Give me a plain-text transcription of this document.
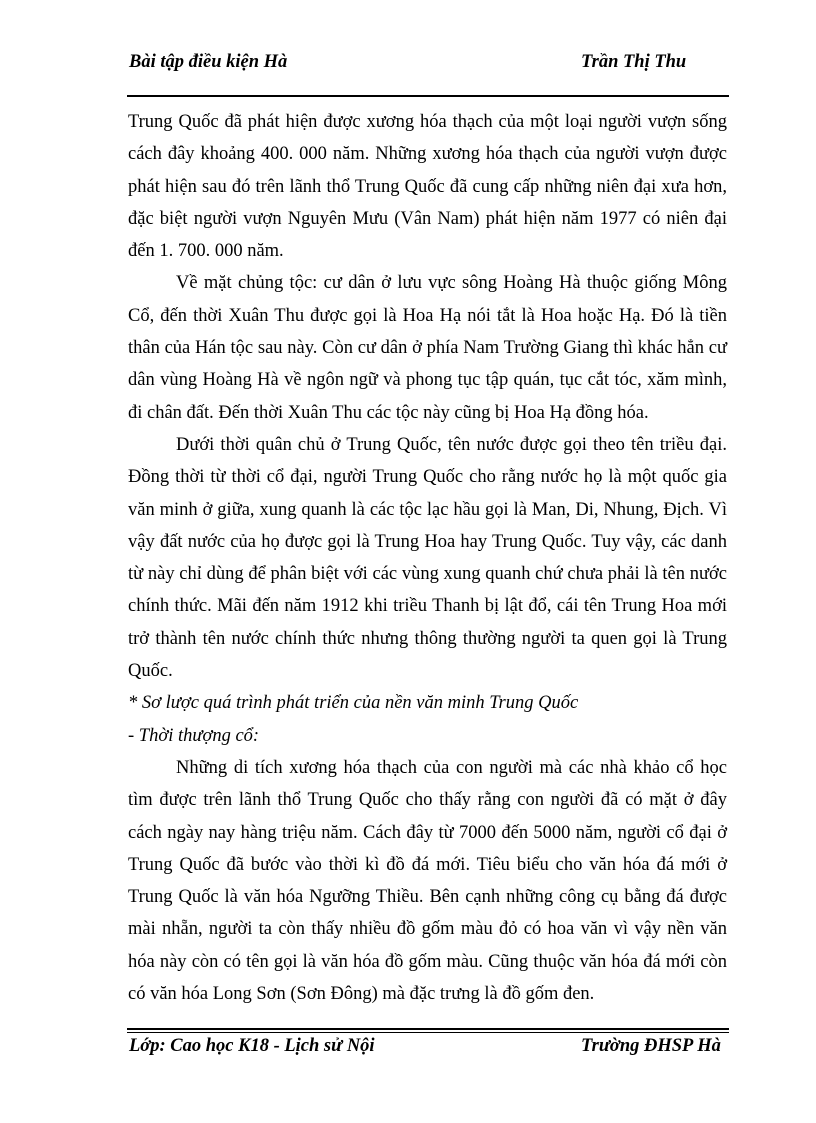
Bài tập điều kiện Hà	Trần Thị Thu

Trung Quốc đã phát hiện được xương hóa thạch của một loại người vượn sống cách đây khoảng 400. 000 năm. Những xương hóa thạch của người vượn được phát hiện sau đó trên lãnh thổ Trung Quốc đã cung cấp những niên đại xưa hơn, đặc biệt người vượn Nguyên Mưu (Vân Nam) phát hiện năm 1977 có niên đại đến 1. 700. 000 năm.

Về mặt chủng tộc: cư dân ở lưu vực sông Hoàng Hà thuộc giống Mông Cổ, đến thời Xuân Thu được gọi là Hoa Hạ nói tắt là Hoa hoặc Hạ. Đó là tiền thân của Hán tộc sau này. Còn cư dân ở phía Nam Trường Giang thì khác hẳn cư dân vùng Hoàng Hà về ngôn ngữ và phong tục tập quán, tục cắt tóc, xăm mình, đi chân đất. Đến thời Xuân Thu các tộc này cũng bị Hoa Hạ đồng hóa.

Dưới thời quân chủ ở Trung Quốc, tên nước được gọi theo tên triều đại. Đồng thời từ thời cổ đại, người Trung Quốc cho rằng nước họ là một quốc gia văn minh ở giữa, xung quanh là các tộc lạc hầu gọi là Man, Di, Nhung, Địch. Vì vậy đất nước của họ được gọi là Trung Hoa hay Trung Quốc. Tuy vậy, các danh từ này chỉ dùng để phân biệt với các vùng xung quanh chứ chưa phải là tên nước chính thức. Mãi đến năm 1912 khi triều Thanh bị lật đổ, cái tên Trung Hoa mới trở thành tên nước chính thức nhưng thông thường người ta quen gọi là Trung Quốc.

* Sơ lược quá trình phát triển của nền văn minh Trung Quốc

- Thời thượng cổ:

Những di tích xương hóa thạch của con người mà các nhà khảo cổ học tìm được trên lãnh thổ Trung Quốc cho thấy rằng con người đã có mặt ở đây cách ngày nay hàng triệu năm. Cách đây từ 7000 đến 5000 năm, người cổ đại ở Trung Quốc đã bước vào thời kì đồ đá mới. Tiêu biểu cho văn hóa đá mới ở Trung Quốc là văn hóa Ngưỡng Thiều. Bên cạnh những công cụ bằng đá được mài nhẵn, người ta còn thấy nhiều đồ gốm màu đỏ có hoa văn vì vậy nền văn hóa này còn có tên gọi là văn hóa đồ gốm màu. Cũng thuộc văn hóa đá mới còn có văn hóa Long Sơn (Sơn Đông) mà đặc trưng là đồ gốm đen.

Lớp: Cao học K18 - Lịch sử Nội	Trường ĐHSP Hà
